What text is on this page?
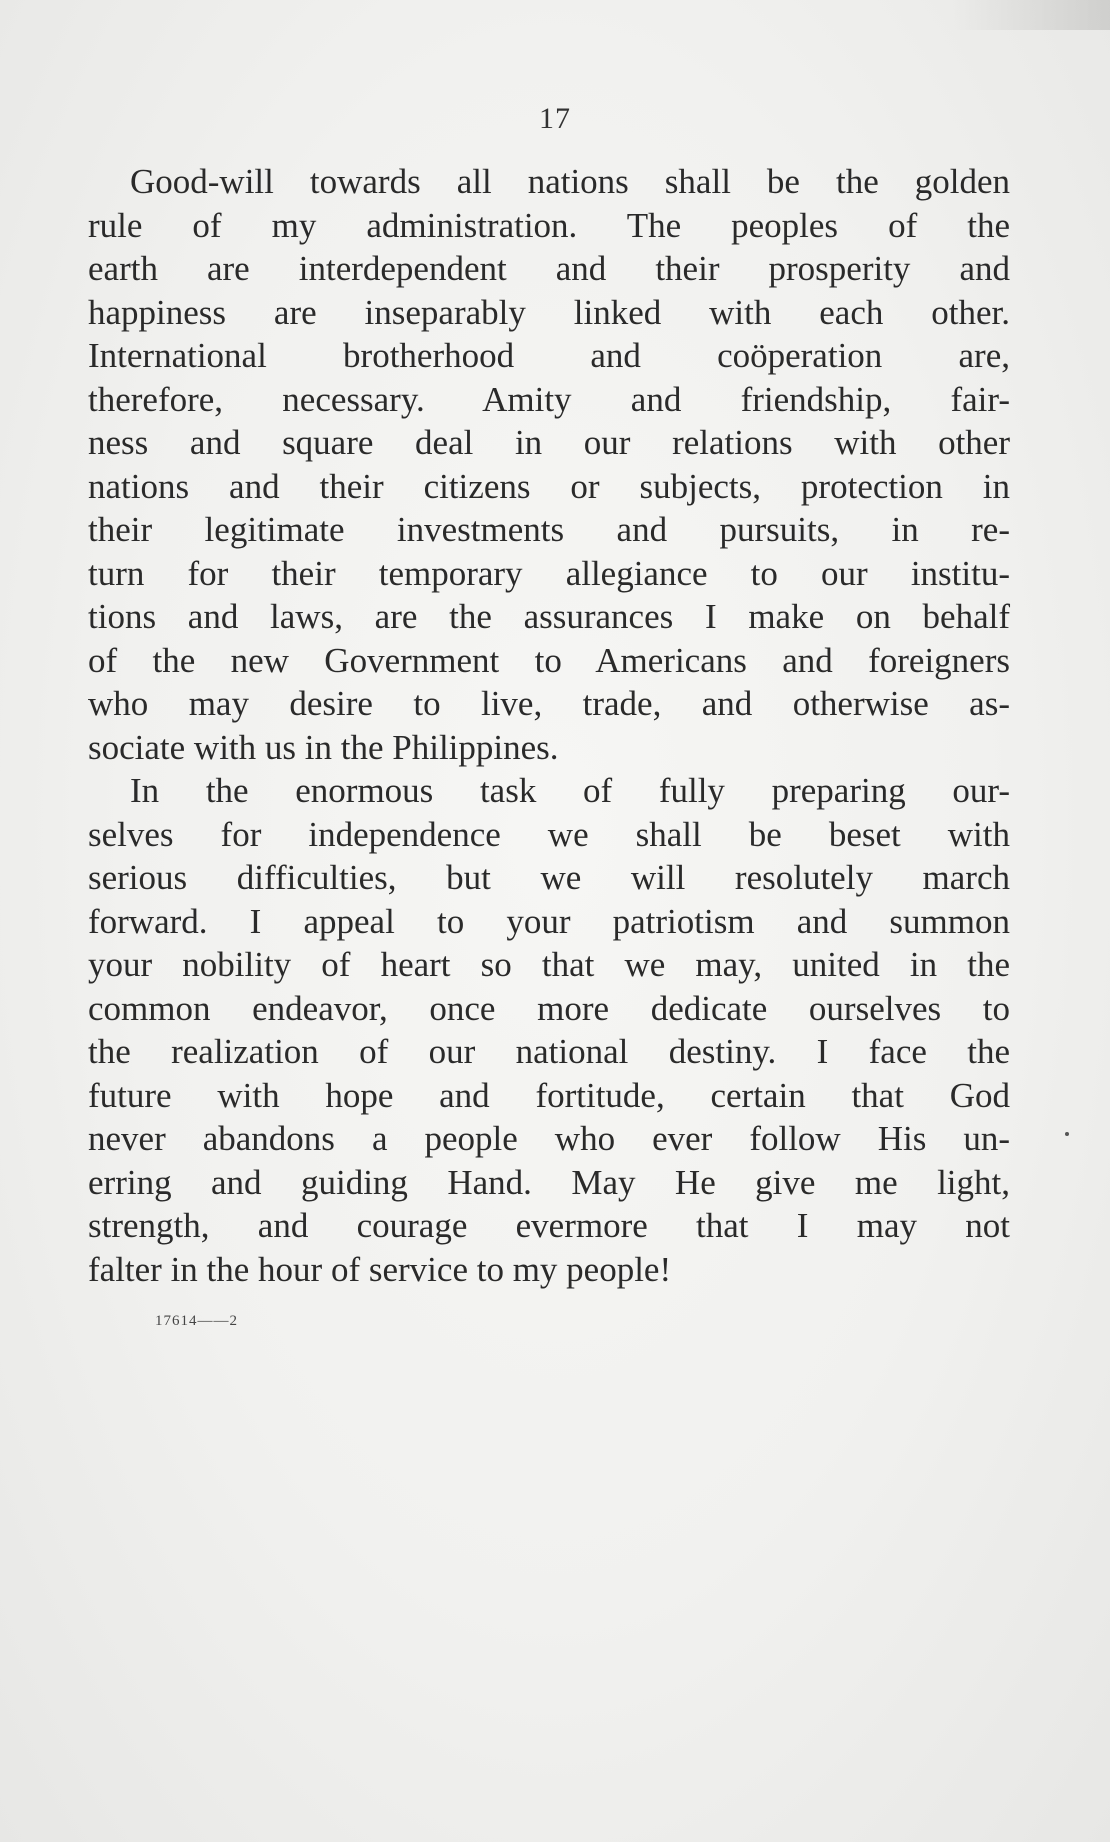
17
Good-will towards all nations shall be the golden
rule of my administration. The peoples of the
earth are interdependent and their prosperity and
happiness are inseparably linked with each other.
International brotherhood and coöperation are,
therefore, necessary. Amity and friendship, fair-
ness and square deal in our relations with other
nations and their citizens or subjects, protection in
their legitimate investments and pursuits, in re-
turn for their temporary allegiance to our institu-
tions and laws, are the assurances I make on behalf
of the new Government to Americans and foreigners
who may desire to live, trade, and otherwise as-
sociate with us in the Philippines.
In the enormous task of fully preparing our-
selves for independence we shall be beset with
serious difficulties, but we will resolutely march
forward. I appeal to your patriotism and summon
your nobility of heart so that we may, united in the
common endeavor, once more dedicate ourselves to
the realization of our national destiny. I face the
future with hope and fortitude, certain that God
never abandons a people who ever follow His un-
erring and guiding Hand. May He give me light,
strength, and courage evermore that I may not
falter in the hour of service to my people!
17614——2
